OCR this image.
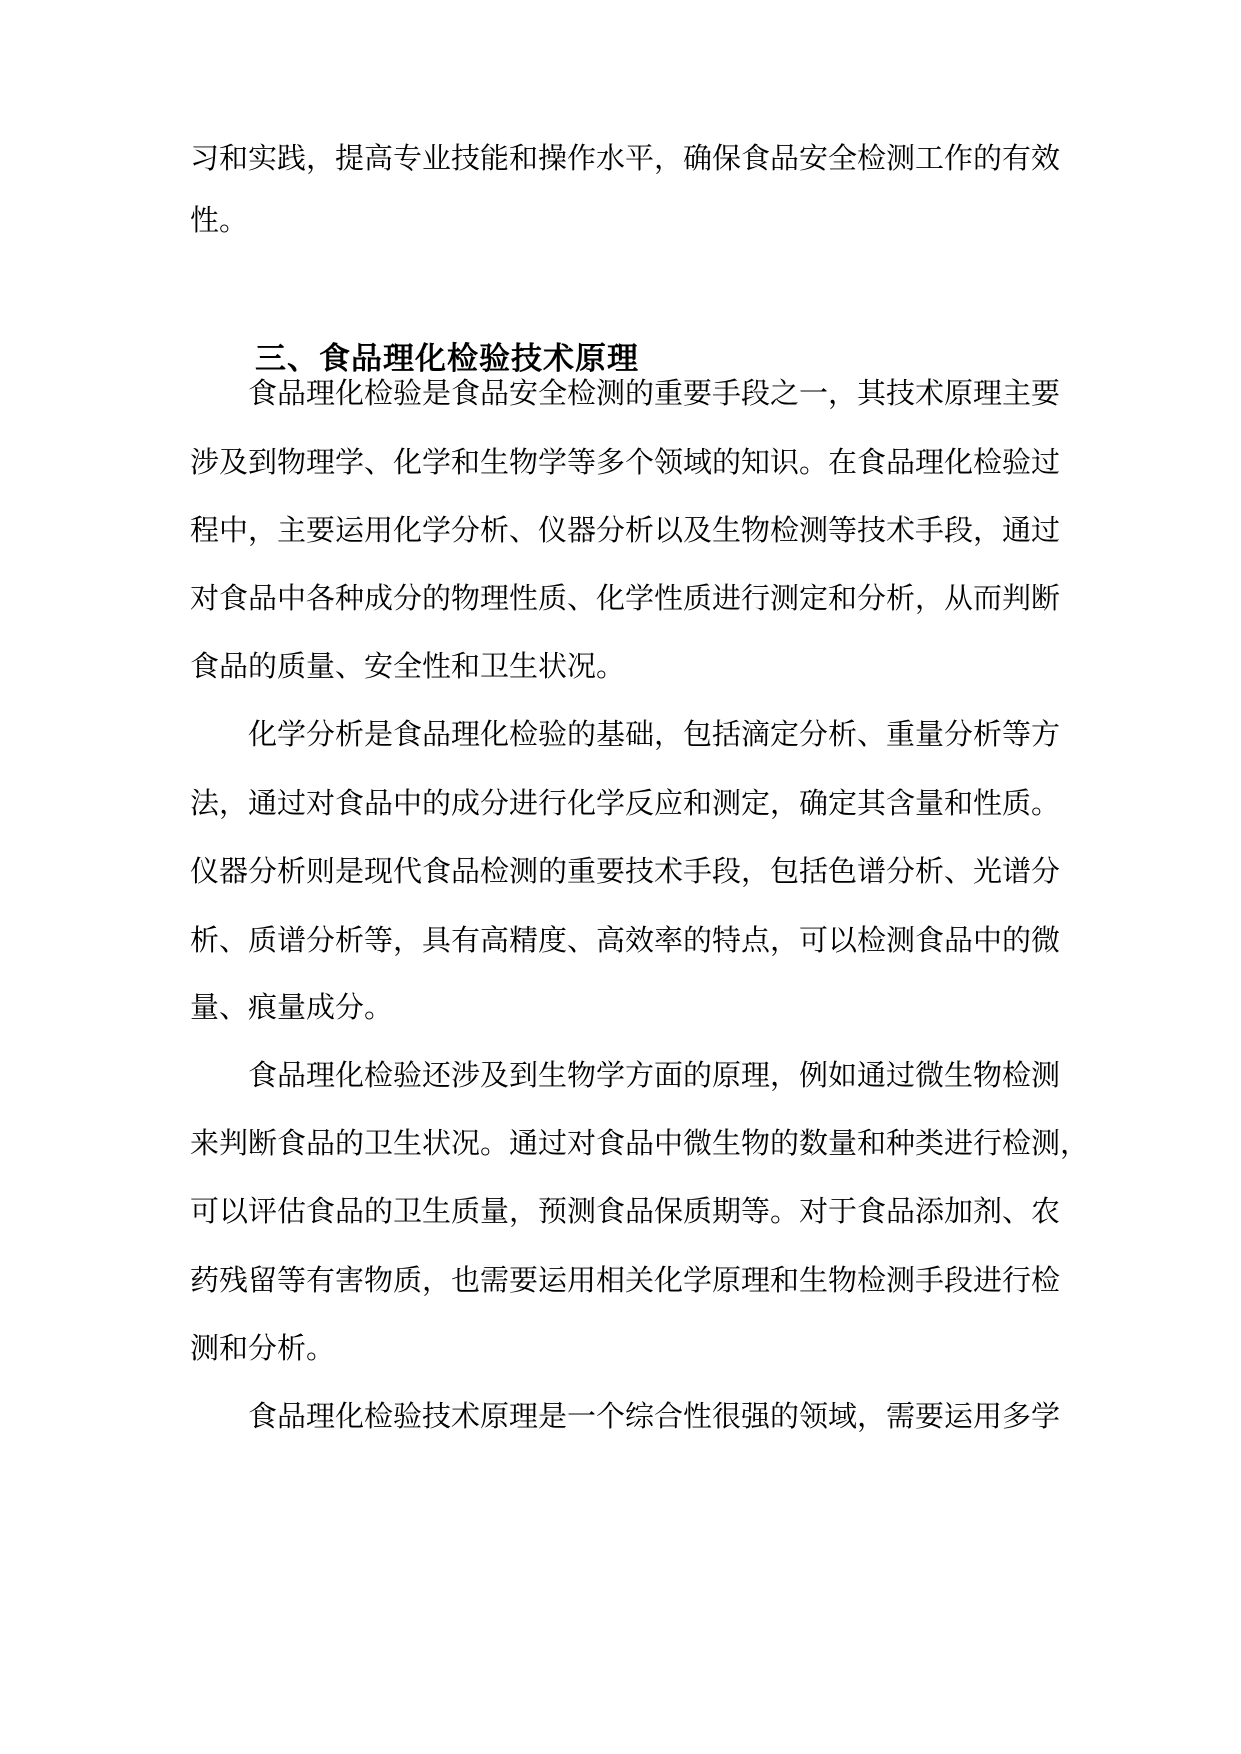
习和实践，提高专业技能和操作水平，确保食品安全检测工作的有效
性。
三、食品理化检验技术原理
食品理化检验是食品安全检测的重要手段之一，其技术原理主要
涉及到物理学、化学和生物学等多个领域的知识。在食品理化检验过
程中，主要运用化学分析、仪器分析以及生物检测等技术手段，通过
对食品中各种成分的物理性质、化学性质进行测定和分析，从而判断
食品的质量、安全性和卫生状况。
化学分析是食品理化检验的基础，包括滴定分析、重量分析等方
法，通过对食品中的成分进行化学反应和测定，确定其含量和性质。
仪器分析则是现代食品检测的重要技术手段，包括色谱分析、光谱分
析、质谱分析等，具有高精度、高效率的特点，可以检测食品中的微
量、痕量成分。
食品理化检验还涉及到生物学方面的原理，例如通过微生物检测
来判断食品的卫生状况。通过对食品中微生物的数量和种类进行检测，
可以评估食品的卫生质量，预测食品保质期等。对于食品添加剂、农
药残留等有害物质，也需要运用相关化学原理和生物检测手段进行检
测和分析。
食品理化检验技术原理是一个综合性很强的领域，需要运用多学
